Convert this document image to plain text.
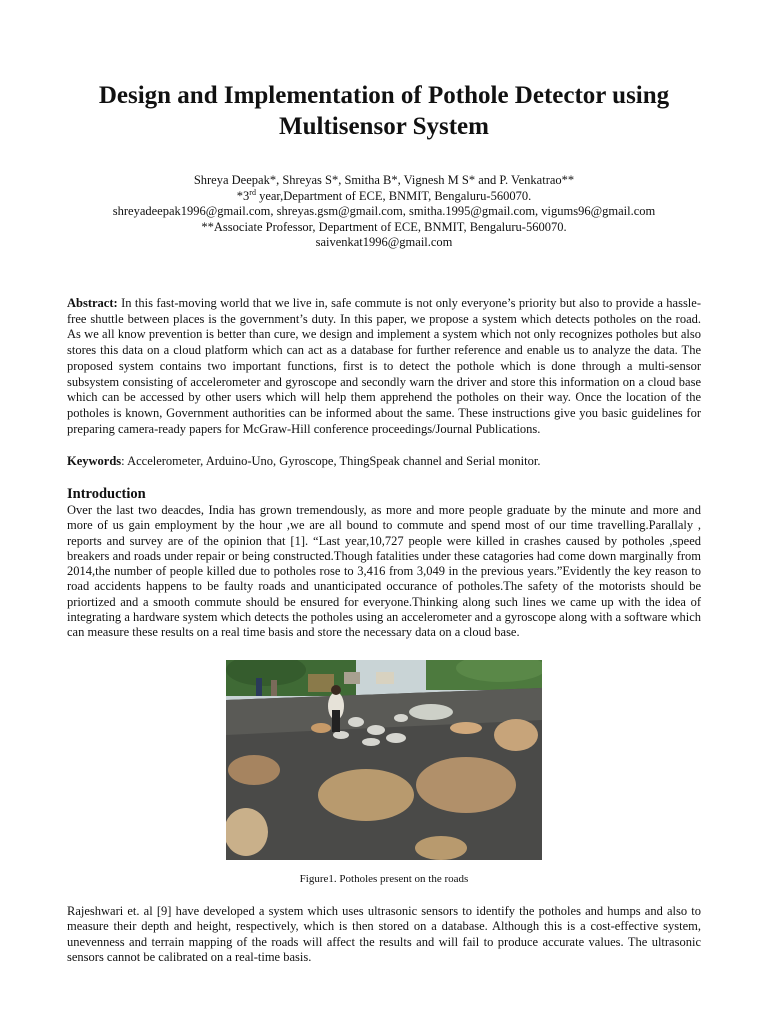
Design and Implementation of Pothole Detector using
Multisensor System
Shreya Deepak*, Shreyas S*, Smitha B*, Vignesh M S* and P. Venkatrao**
*3rd year,Department of ECE, BNMIT, Bengaluru-560070.
shreyadeepak1996@gmail.com, shreyas.gsm@gmail.com, smitha.1995@gmail.com, vigums96@gmail.com
**Associate Professor, Department of ECE, BNMIT, Bengaluru-560070.
saivenkat1996@gmail.com
Abstract: In this fast-moving world that we live in, safe commute is not only everyone’s priority but also to provide a hassle-free shuttle between places is the government’s duty. In this paper, we propose a system which detects potholes on the road. As we all know prevention is better than cure, we design and implement a system which not only recognizes potholes but also stores this data on a cloud platform which can act as a database for further reference and enable us to analyze the data. The proposed system contains two important functions, first is to detect the pothole which is done through a multi-sensor subsystem consisting of accelerometer and gyroscope and secondly warn the driver and store this information on a cloud base which can be accessed by other users which will help them apprehend the potholes on their way. Once the location of the potholes is known, Government authorities can be informed about the same. These instructions give you basic guidelines for preparing camera-ready papers for McGraw-Hill conference proceedings/Journal Publications.
Keywords: Accelerometer, Arduino-Uno, Gyroscope, ThingSpeak channel and Serial monitor.
Introduction
Over the last two deacdes, India has grown tremendously, as more and more people graduate by the minute and more and more of us gain employment by the hour ,we are all bound to commute and spend most of our time travelling.Parallaly , reports and survey are of the opinion that [1]. “Last year,10,727 people were killed in crashes caused by potholes ,speed breakers and roads under repair or being constructed.Though fatalities under these catagories had come down marginally from 2014,the number of people killed due to potholes rose to 3,416 from 3,049 in the previous years.”Evidently the key reason to road accidents happens to be faulty roads and unanticipated occurance of potholes.The safety of the motorists should be priortized and a smooth commute should be ensured for everyone.Thinking along such lines we came up with the idea of integrating a hardware system which detects the potholes using an accelerometer and a gyroscope along with a software which can measure these results on a real time basis and store the necessary data on a cloud base.
Figure1. Potholes present on the roads
Rajeshwari et. al [9] have developed a system which uses ultrasonic sensors to identify the potholes and humps and also to measure their depth and height, respectively, which is then stored on a database. Although this is a cost-effective system, unevenness and terrain mapping of the roads will affect the results and will fail to produce accurate values. The ultrasonic sensors cannot be calibrated on a real-time basis.
